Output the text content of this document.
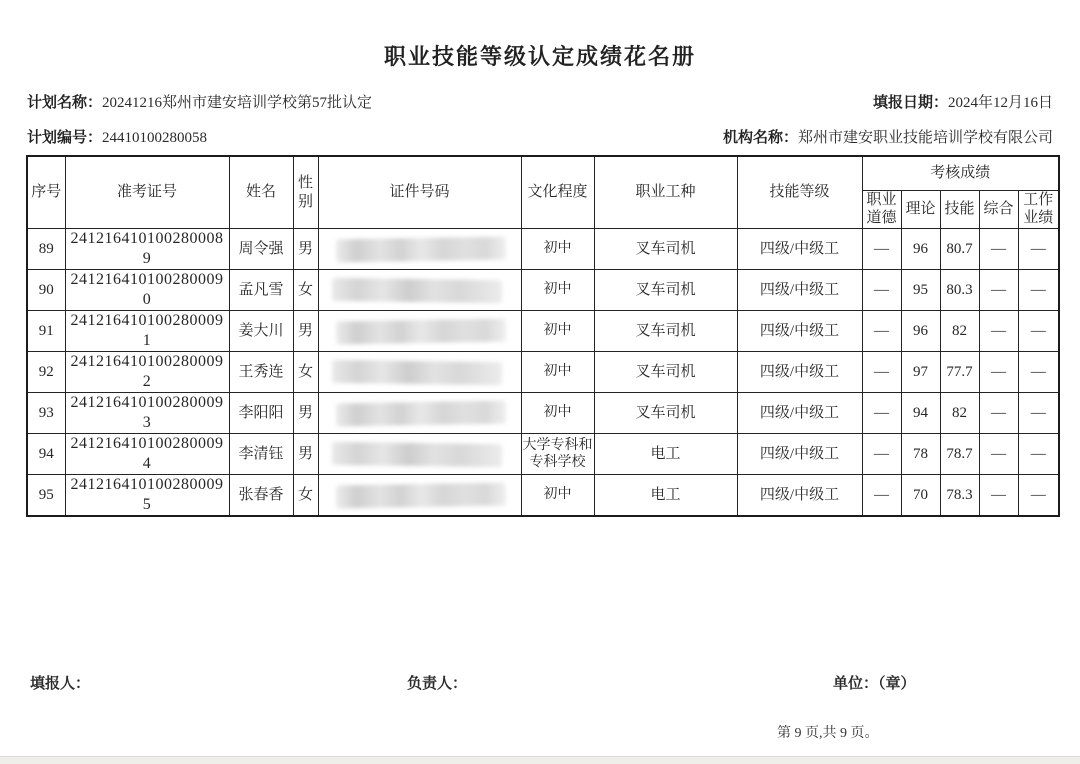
职业技能等级认定成绩花名册
计划名称：20241216郑州市建安培训学校第57批认定	填报日期：2024年12月16日
计划编号：24410100280058	机构名称：郑州市建安职业技能培训学校有限公司
序号	准考证号	姓名	性别	证件号码	文化程度	职业工种	技能等级	考核成绩				
								职业道德	理论	技能	综合	工作业绩
89	2412164101002800089	周令强	男		初中	叉车司机	四级/中级工	—	96	80.7	—	—
90	2412164101002800090	孟凡雪	女		初中	叉车司机	四级/中级工	—	95	80.3	—	—
91	2412164101002800091	姜大川	男		初中	叉车司机	四级/中级工	—	96	82	—	—
92	2412164101002800092	王秀连	女		初中	叉车司机	四级/中级工	—	97	77.7	—	—
93	2412164101002800093	李阳阳	男		初中	叉车司机	四级/中级工	—	94	82	—	—
94	2412164101002800094	李清钰	男		大学专科和专科学校	电工	四级/中级工	—	78	78.7	—	—
95	2412164101002800095	张春香	女		初中	电工	四级/中级工	—	70	78.3	—	—
填报人：	负责人：	单位：（章）
第 9 页,共 9 页。
